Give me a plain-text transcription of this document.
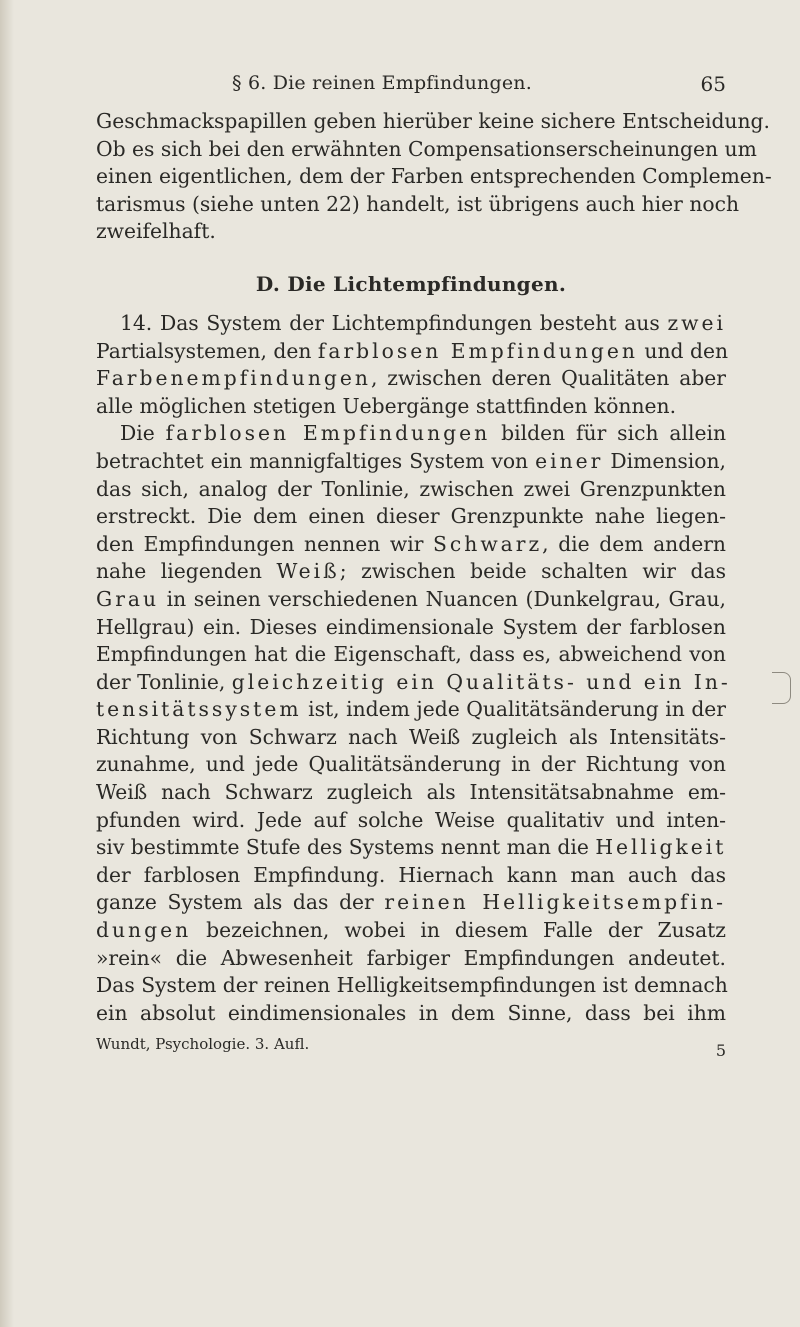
§ 6. Die reinen Empfindungen.	65
Geschmackspapillen geben hierüber keine sichere Entscheidung.
Ob es sich bei den erwähnten Compensationserscheinungen um
einen eigentlichen, dem der Farben entsprechenden Complemen-
tarismus (siehe unten 22) handelt, ist übrigens auch hier noch
zweifelhaft.
D. Die Lichtempfindungen.
14. Das System der Lichtempfindungen besteht aus zwei
Partialsystemen, den farblosen Empfindungen und den
Farbenempfindungen, zwischen deren Qualitäten aber
alle möglichen stetigen Uebergänge stattfinden können.
Die farblosen Empfindungen bilden für sich allein
betrachtet ein mannigfaltiges System von einer Dimension,
das sich, analog der Tonlinie, zwischen zwei Grenzpunkten
erstreckt. Die dem einen dieser Grenzpunkte nahe liegen-
den Empfindungen nennen wir Schwarz, die dem andern
nahe liegenden Weiß; zwischen beide schalten wir das
Grau in seinen verschiedenen Nuancen (Dunkelgrau, Grau,
Hellgrau) ein. Dieses eindimensionale System der farblosen
Empfindungen hat die Eigenschaft, dass es, abweichend von
der Tonlinie, gleichzeitig ein Qualitäts- und ein In-
tensitätssystem ist, indem jede Qualitätsänderung in der
Richtung von Schwarz nach Weiß zugleich als Intensitäts-
zunahme, und jede Qualitätsänderung in der Richtung von
Weiß nach Schwarz zugleich als Intensitätsabnahme em-
pfunden wird. Jede auf solche Weise qualitativ und inten-
siv bestimmte Stufe des Systems nennt man die Helligkeit
der farblosen Empfindung. Hiernach kann man auch das
ganze System als das der reinen Helligkeitsempfin-
dungen bezeichnen, wobei in diesem Falle der Zusatz
»rein« die Abwesenheit farbiger Empfindungen andeutet.
Das System der reinen Helligkeitsempfindungen ist demnach
ein absolut eindimensionales in dem Sinne, dass bei ihm
Wundt, Psychologie. 3. Aufl.	5
